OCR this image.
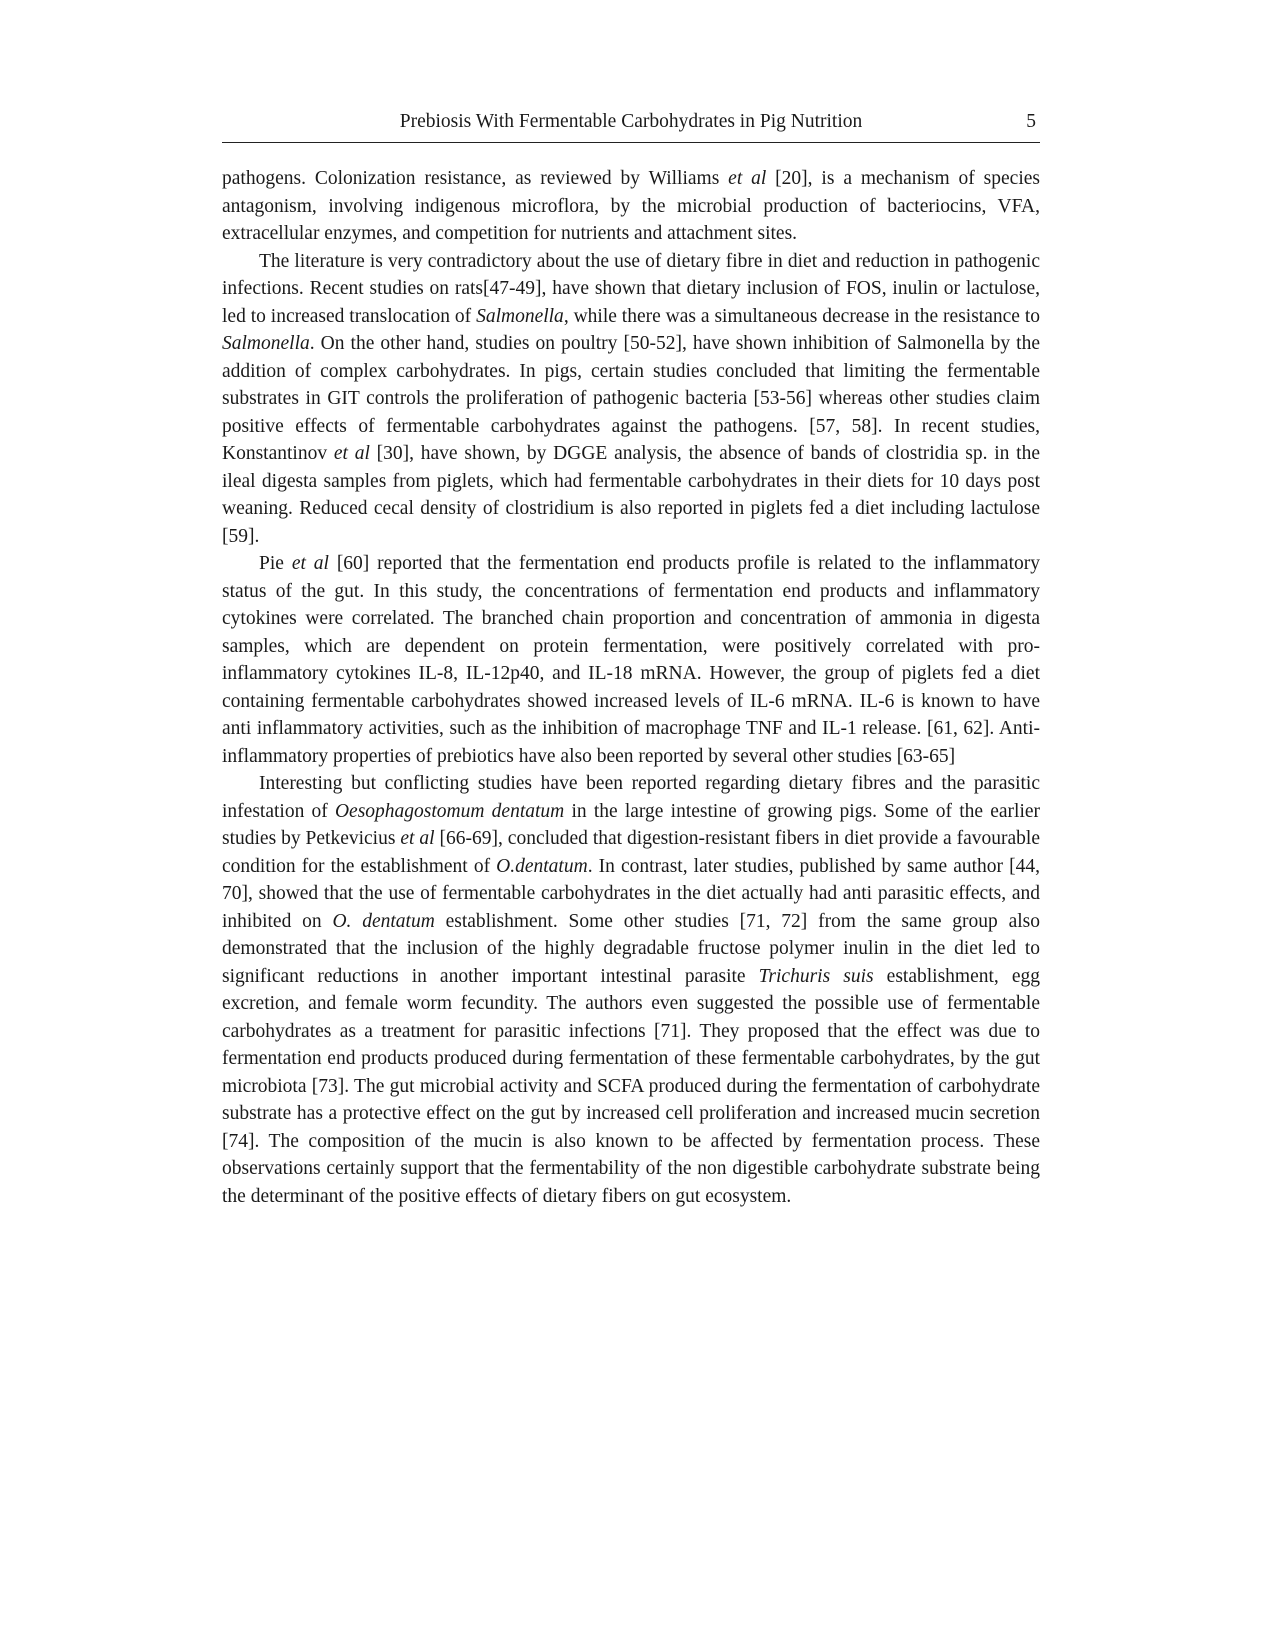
Prebiosis With Fermentable Carbohydrates in Pig Nutrition	5

pathogens. Colonization resistance, as reviewed by Williams et al [20], is a mechanism of species antagonism, involving indigenous microflora, by the microbial production of bacteriocins, VFA, extracellular enzymes, and competition for nutrients and attachment sites.

The literature is very contradictory about the use of dietary fibre in diet and reduction in pathogenic infections. Recent studies on rats[47-49], have shown that dietary inclusion of FOS, inulin or lactulose, led to increased translocation of Salmonella, while there was a simultaneous decrease in the resistance to Salmonella. On the other hand, studies on poultry [50-52], have shown inhibition of Salmonella by the addition of complex carbohydrates. In pigs, certain studies concluded that limiting the fermentable substrates in GIT controls the proliferation of pathogenic bacteria [53-56] whereas other studies claim positive effects of fermentable carbohydrates against the pathogens. [57, 58]. In recent studies, Konstantinov et al [30], have shown, by DGGE analysis, the absence of bands of clostridia sp. in the ileal digesta samples from piglets, which had fermentable carbohydrates in their diets for 10 days post weaning. Reduced cecal density of clostridium is also reported in piglets fed a diet including lactulose [59].

Pie et al [60] reported that the fermentation end products profile is related to the inflammatory status of the gut. In this study, the concentrations of fermentation end products and inflammatory cytokines were correlated. The branched chain proportion and concentration of ammonia in digesta samples, which are dependent on protein fermentation, were positively correlated with pro-inflammatory cytokines IL-8, IL-12p40, and IL-18 mRNA. However, the group of piglets fed a diet containing fermentable carbohydrates showed increased levels of IL-6 mRNA. IL-6 is known to have anti inflammatory activities, such as the inhibition of macrophage TNF and IL-1 release. [61, 62]. Anti-inflammatory properties of prebiotics have also been reported by several other studies [63-65]

Interesting but conflicting studies have been reported regarding dietary fibres and the parasitic infestation of Oesophagostomum dentatum in the large intestine of growing pigs. Some of the earlier studies by Petkevicius et al [66-69], concluded that digestion-resistant fibers in diet provide a favourable condition for the establishment of O.dentatum. In contrast, later studies, published by same author [44, 70], showed that the use of fermentable carbohydrates in the diet actually had anti parasitic effects, and inhibited on O. dentatum establishment. Some other studies [71, 72] from the same group also demonstrated that the inclusion of the highly degradable fructose polymer inulin in the diet led to significant reductions in another important intestinal parasite Trichuris suis establishment, egg excretion, and female worm fecundity. The authors even suggested the possible use of fermentable carbohydrates as a treatment for parasitic infections [71]. They proposed that the effect was due to fermentation end products produced during fermentation of these fermentable carbohydrates, by the gut microbiota [73]. The gut microbial activity and SCFA produced during the fermentation of carbohydrate substrate has a protective effect on the gut by increased cell proliferation and increased mucin secretion [74]. The composition of the mucin is also known to be affected by fermentation process. These observations certainly support that the fermentability of the non digestible carbohydrate substrate being the determinant of the positive effects of dietary fibers on gut ecosystem.
